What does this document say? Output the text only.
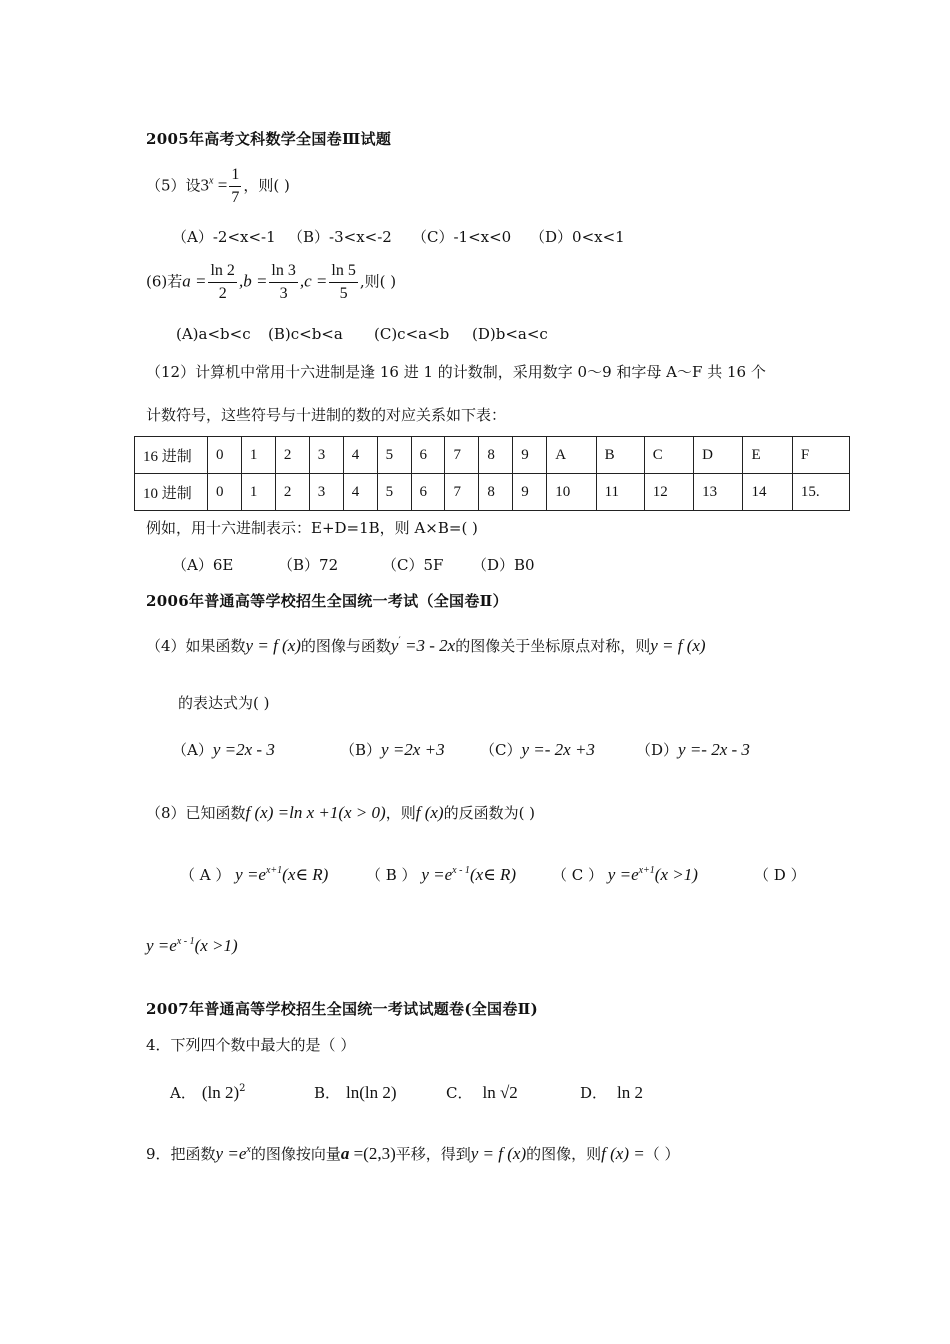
2005年高考文科数学全国卷Ⅲ试题
（5）设$3^x = \frac{1}{7}$ ，则( )
（A）-2<x<-1 （B）-3<x<-2 （C）-1<x<0 （D）0<x<1
(6)若$a = \frac{\ln 2}{2} ,b = \frac{\ln 3}{3} ,c = \frac{\ln 5}{5}$ ,则( )
(A)a<b<c (B)c<b<a (C)c<a<b (D)b<a<c
（12）计算机中常用十六进制是逢 16 进 1 的计数制，采用数字 0～9 和字母 A～F 共 16 个
计数符号，这些符号与十进制的数的对应关系如下表：
16 进制	0	1	2	3	4	5	6	7	8	9	A	B	C	D	E	F
10 进制	0	1	2	3	4	5	6	7	8	9	10	11	12	13	14	15.
例如，用十六进制表示：E+D=1B，则 A×B=( )
（A）6E	（B）72	（C）5F （D）B0
2006年普通高等学校招生全国统一考试（全国卷Ⅱ）
（4）如果函数y = f (x)的图像与函数y′ =3 - 2x的图像关于坐标原点对称，则y = f (x)
的表达式为( )
（A）y =2x - 3	（B）y =2x +3 （C）y =- 2x +3	（D）y =- 2x - 3
（8）已知函数f (x) =ln x +1(x > 0)，则f (x)的反函数为( )
（ A ） $y =e^{x+1}(x\in$ R)	（ B ） $y =e^{x - 1}(x\in$ R) （ C ） $y =e^{x+1}(x >1)$	（ D ）
$y =e^{x - 1}(x >1)$
2007年普通高等学校招生全国统一考试试题卷(全国卷Ⅱ)
4．下列四个数中最大的是（ ）
A． (ln 2)$^2$	B． ln(ln 2)	C． ln √2	D． ln 2
9．把函数$y =e^x$的图像按向量a =(2,3)平移，得到y = f (x)的图像，则f (x) =（ ）
